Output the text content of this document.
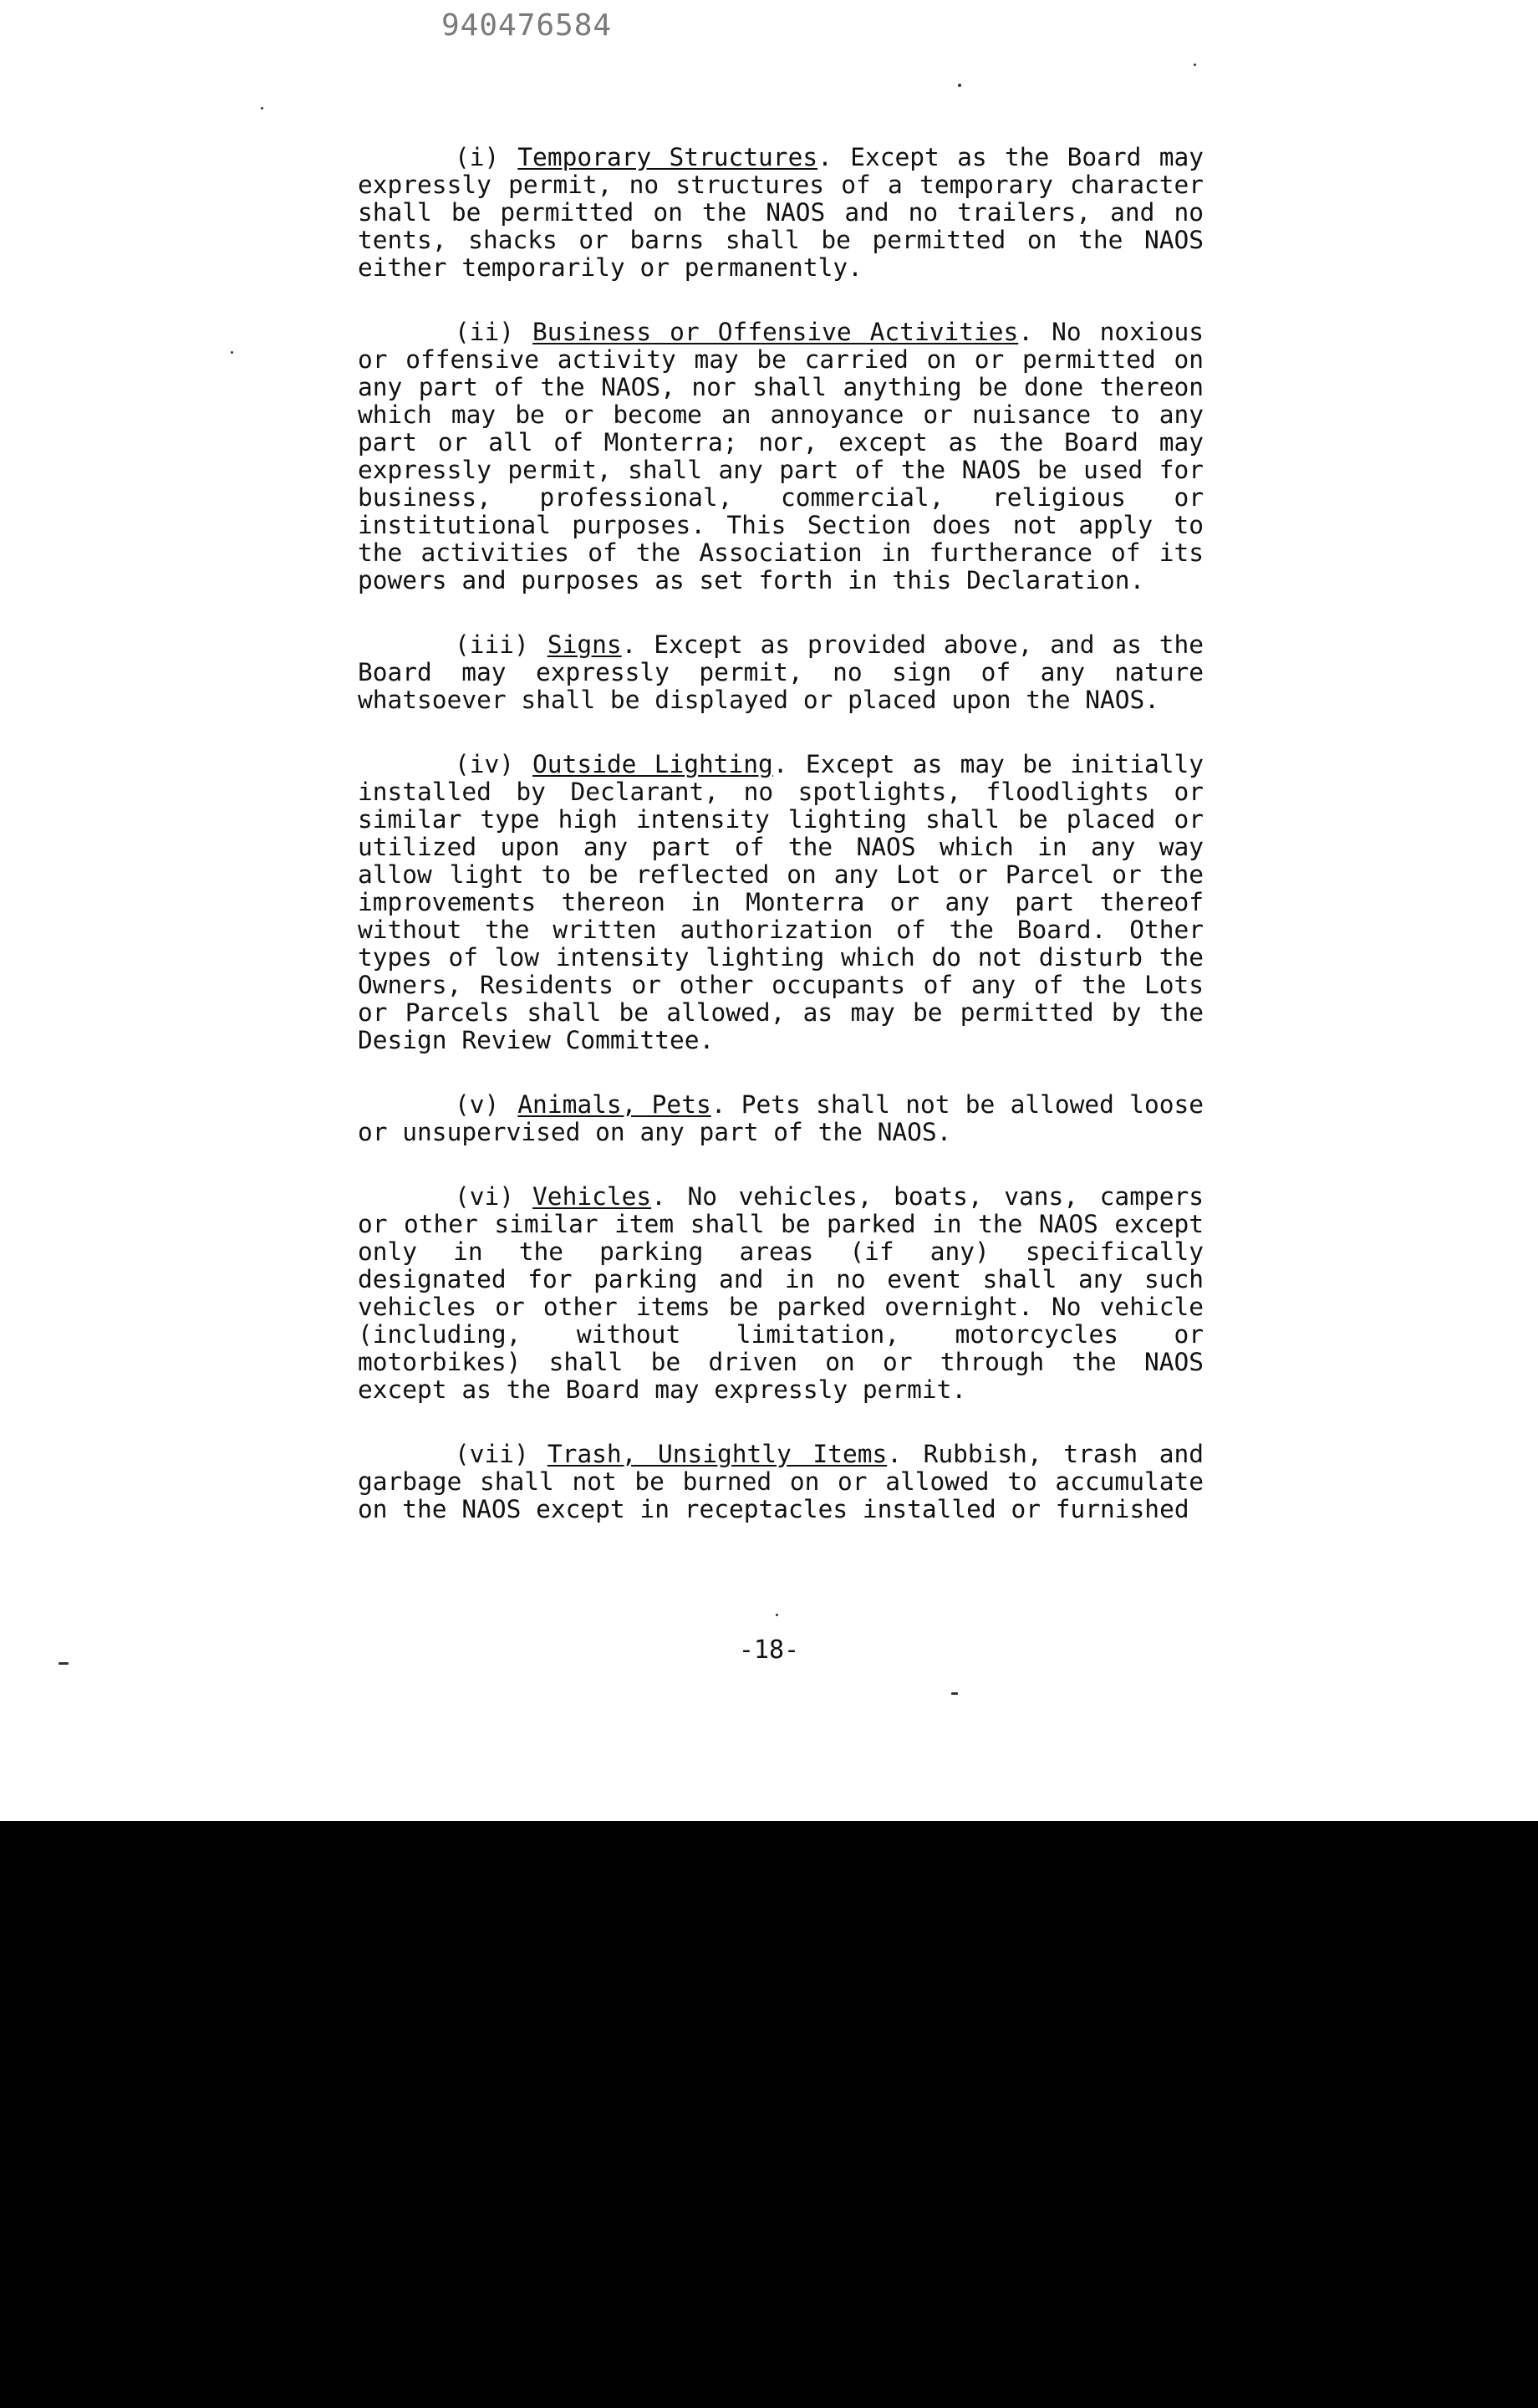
940476584

(i) Temporary Structures. Except as the Board may expressly permit, no structures of a temporary character shall be permitted on the NAOS and no trailers, and no tents, shacks or barns shall be permitted on the NAOS either temporarily or permanently.

(ii) Business or Offensive Activities. No noxious or offensive activity may be carried on or permitted on any part of the NAOS, nor shall anything be done thereon which may be or become an annoyance or nuisance to any part or all of Monterra; nor, except as the Board may expressly permit, shall any part of the NAOS be used for business, professional, commercial, religious or institutional purposes. This Section does not apply to the activities of the Association in furtherance of its powers and purposes as set forth in this Declaration.

(iii) Signs. Except as provided above, and as the Board may expressly permit, no sign of any nature whatsoever shall be displayed or placed upon the NAOS.

(iv) Outside Lighting. Except as may be initially installed by Declarant, no spotlights, floodlights or similar type high intensity lighting shall be placed or utilized upon any part of the NAOS which in any way allow light to be reflected on any Lot or Parcel or the improvements thereon in Monterra or any part thereof without the written authorization of the Board. Other types of low intensity lighting which do not disturb the Owners, Residents or other occupants of any of the Lots or Parcels shall be allowed, as may be permitted by the Design Review Committee.

(v) Animals, Pets. Pets shall not be allowed loose or unsupervised on any part of the NAOS.

(vi) Vehicles. No vehicles, boats, vans, campers or other similar item shall be parked in the NAOS except only in the parking areas (if any) specifically designated for parking and in no event shall any such vehicles or other items be parked overnight. No vehicle (including, without limitation, motorcycles or motorbikes) shall be driven on or through the NAOS except as the Board may expressly permit.

(vii) Trash, Unsightly Items. Rubbish, trash and garbage shall not be burned on or allowed to accumulate on the NAOS except in receptacles installed or furnished

-18-
